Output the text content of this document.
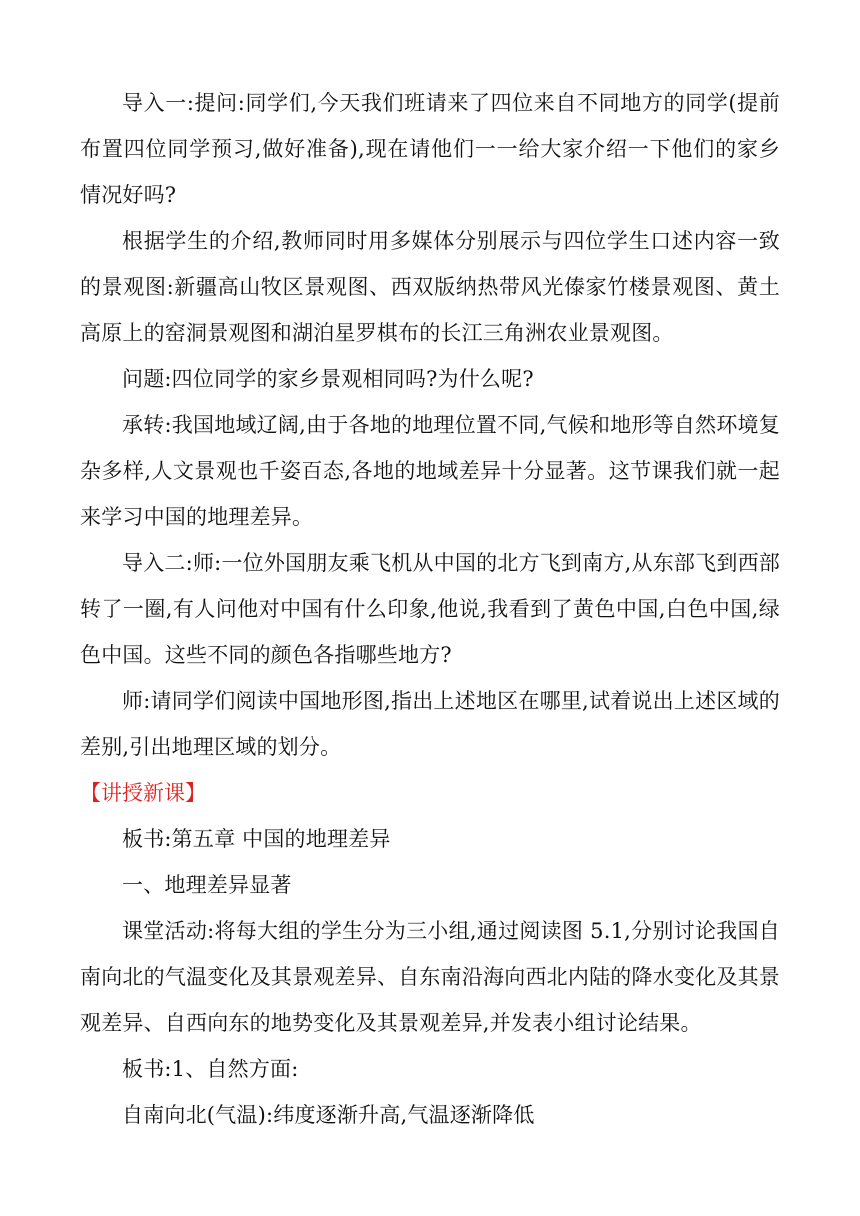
导入一:提问:同学们,今天我们班请来了四位来自不同地方的同学(提前布置四位同学预习,做好准备),现在请他们一一给大家介绍一下他们的家乡情况好吗?

根据学生的介绍,教师同时用多媒体分别展示与四位学生口述内容一致的景观图:新疆高山牧区景观图、西双版纳热带风光傣家竹楼景观图、黄土高原上的窑洞景观图和湖泊星罗棋布的长江三角洲农业景观图。

问题:四位同学的家乡景观相同吗?为什么呢?

承转:我国地域辽阔,由于各地的地理位置不同,气候和地形等自然环境复杂多样,人文景观也千姿百态,各地的地域差异十分显著。这节课我们就一起来学习中国的地理差异。

导入二:师:一位外国朋友乘飞机从中国的北方飞到南方,从东部飞到西部转了一圈,有人问他对中国有什么印象,他说,我看到了黄色中国,白色中国,绿色中国。这些不同的颜色各指哪些地方?

师:请同学们阅读中国地形图,指出上述地区在哪里,试着说出上述区域的差别,引出地理区域的划分。

【讲授新课】

板书:第五章 中国的地理差异

一、地理差异显著

课堂活动:将每大组的学生分为三小组,通过阅读图 5.1,分别讨论我国自南向北的气温变化及其景观差异、自东南沿海向西北内陆的降水变化及其景观差异、自西向东的地势变化及其景观差异,并发表小组讨论结果。

板书:1、自然方面:

自南向北(气温):纬度逐渐升高,气温逐渐降低
